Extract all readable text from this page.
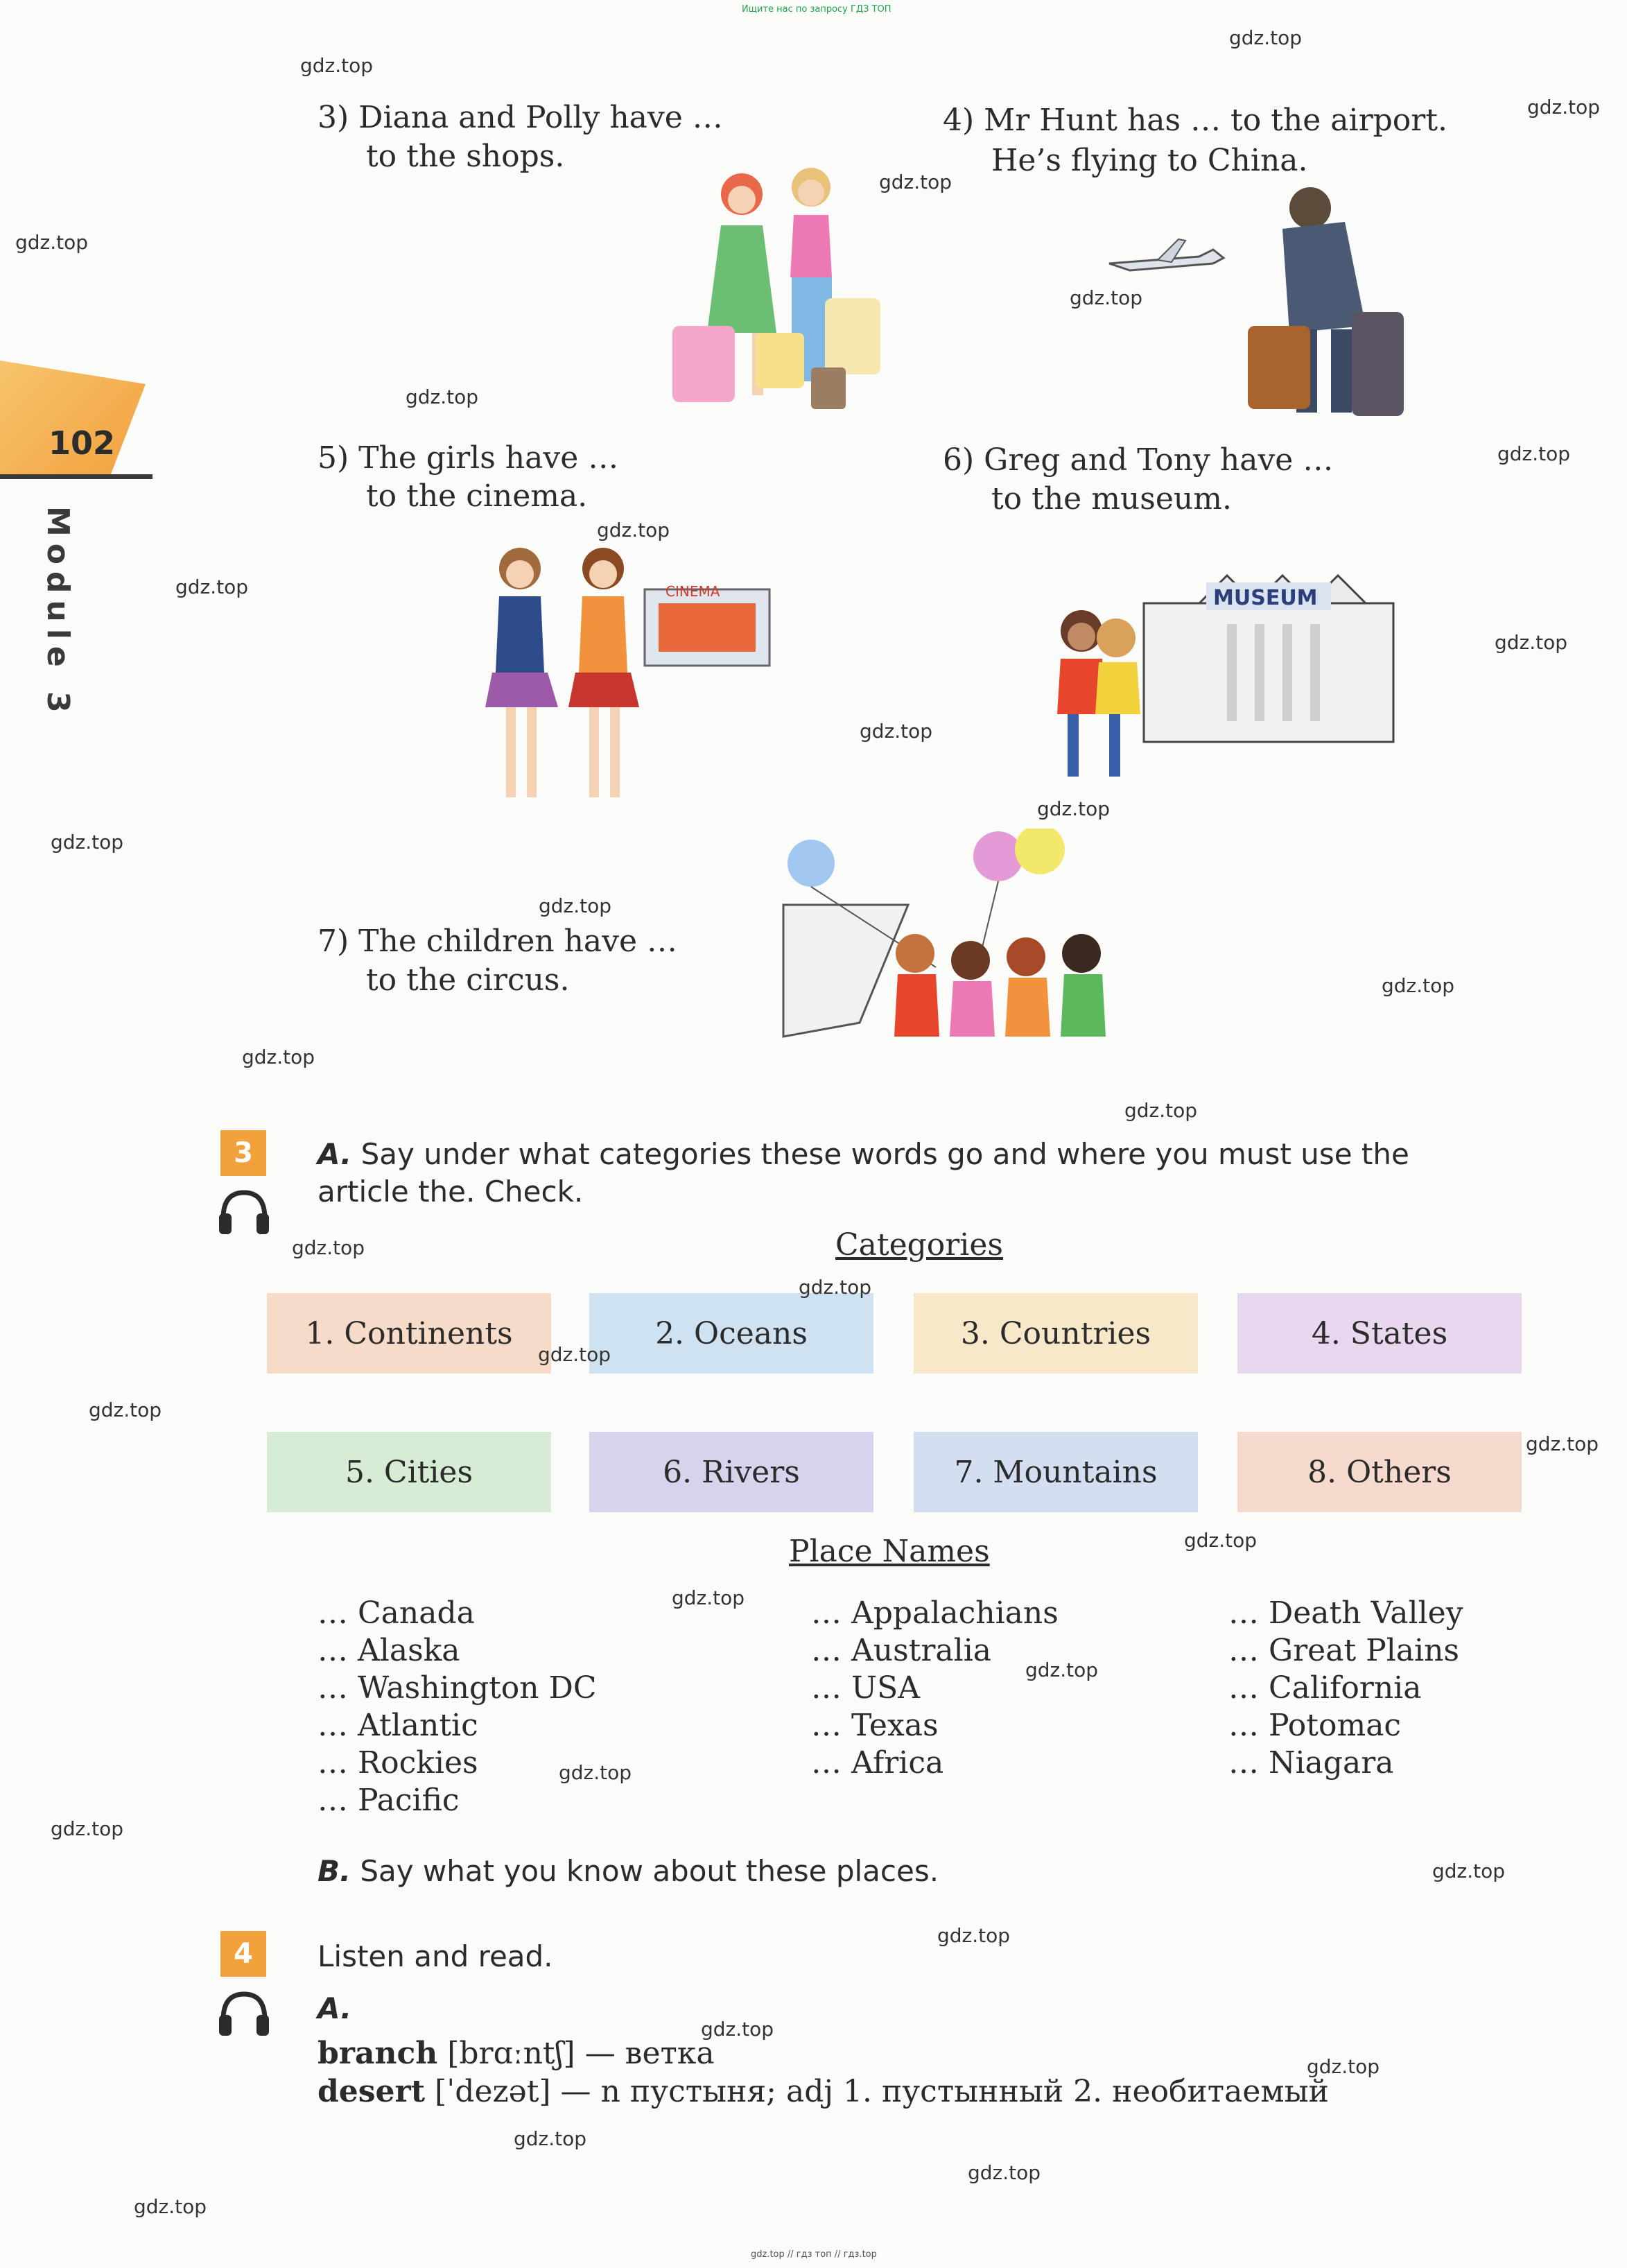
Ищите нас по запросу ГДЗ ТОП
gdz.top // гдз топ // гдз.top
102
Module 3
3) Diana and Polly have …
to the shops.
4) Mr Hunt has … to the airport.
He’s flying to China.
5) The girls have …
to the cinema.
6) Greg and Tony have …
to the museum.
7) The children have …
to the circus.
CINEMA	MUSEUM
3	A. Say under what categories these words go and where you must use the
article the. Check.
Categories
1. Continents	2. Oceans	3. Countries	4. States
5. Cities	6. Rivers	7. Mountains	8. Others
Place Names
… Canada
… Alaska
… Washington DC
… Atlantic
… Rockies
… Pacific
… Appalachians
… Australia
… USA
… Texas
… Africa
… Death Valley
… Great Plains
… California
… Potomac
… Niagara
B. Say what you know about these places.
4	Listen and read.
A.
branch [brɑːntʃ] — ветка
desert [ˈdezət] — n пустыня; adj 1. пустынный 2. необитаемый
gdz.top
gdz.top
gdz.top
gdz.top
gdz.top
gdz.top
gdz.top
gdz.top
gdz.top
gdz.top
gdz.top
gdz.top
gdz.top
gdz.top
gdz.top
gdz.top
gdz.top
gdz.top
gdz.top
gdz.top
gdz.top
gdz.top
gdz.top
gdz.top
gdz.top
gdz.top
gdz.top
gdz.top
gdz.top
gdz.top
gdz.top
gdz.top
gdz.top
gdz.top
gdz.top
